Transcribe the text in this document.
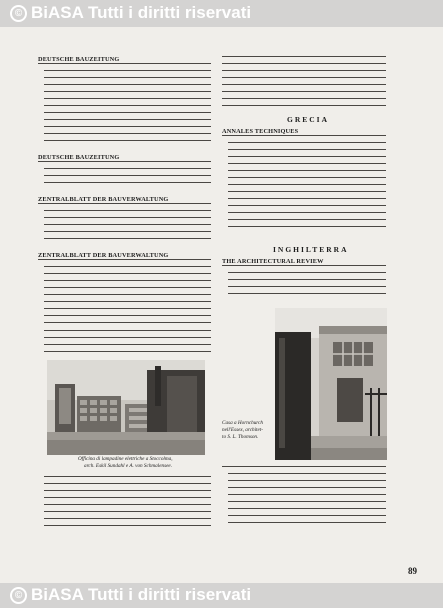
© BiASA Tutti i diritti riservati
© BiASA Tutti i diritti riservati

DEUTSCHE BAUZEITUNG

DEUTSCHE BAUZEITUNG

ZENTRALBLATT DER BAUVERWALTUNG

ZENTRALBLATT DER BAUVERWALTUNG

Officina di lampadine elettriche a Stoccolma,

arch. Eskil Sundahl e A. von Schmalensee.

GRECIA

ANNALES TECHNIQUES

INGHILTERRA

THE ARCHITECTURAL REVIEW

Casa a Hornchurch

nell'Essex, architet-

to S. L. Thomson.

89
